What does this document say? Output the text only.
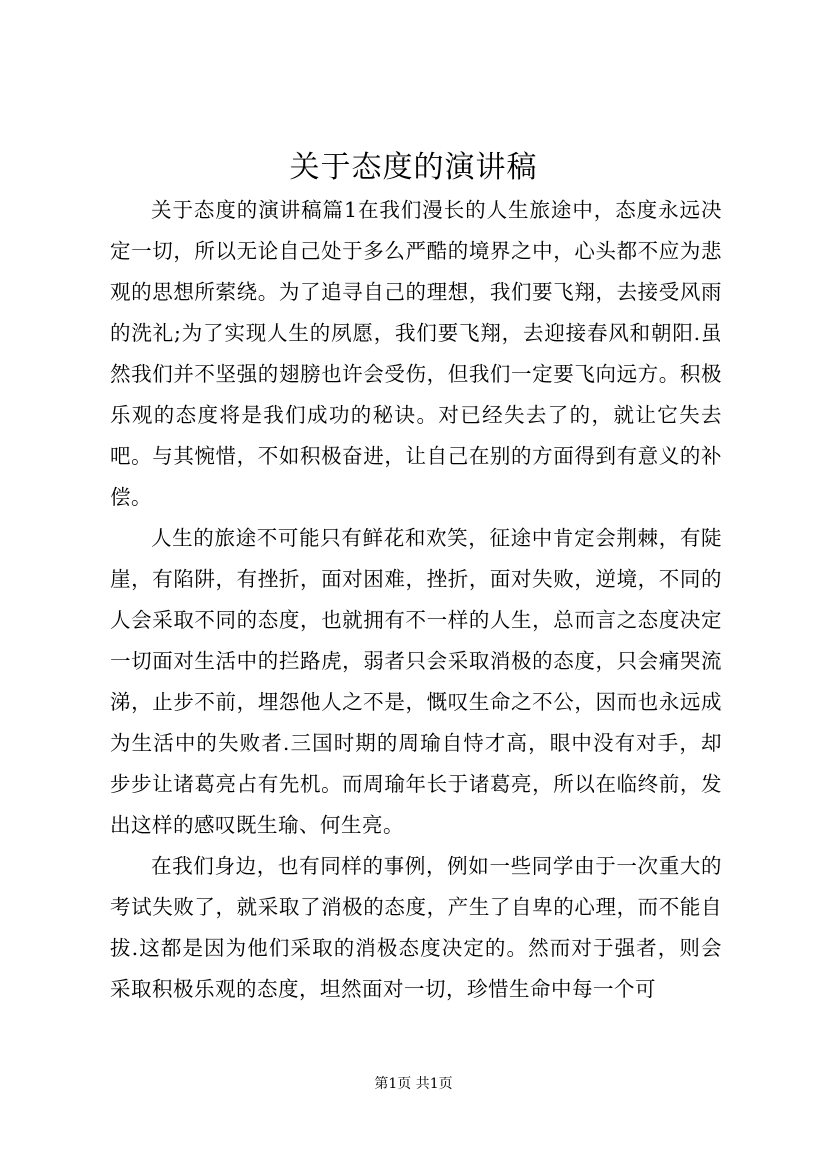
关于态度的演讲稿

关于态度的演讲稿篇1在我们漫长的人生旅途中，态度永远决定一切，所以无论自己处于多么严酷的境界之中，心头都不应为悲观的思想所萦绕。为了追寻自己的理想，我们要飞翔，去接受风雨的洗礼;为了实现人生的夙愿，我们要飞翔，去迎接春风和朝阳.虽然我们并不坚强的翅膀也许会受伤，但我们一定要飞向远方。积极乐观的态度将是我们成功的秘诀。对已经失去了的，就让它失去吧。与其惋惜，不如积极奋进，让自己在别的方面得到有意义的补偿。

人生的旅途不可能只有鲜花和欢笑，征途中肯定会荆棘，有陡崖，有陷阱，有挫折，面对困难，挫折，面对失败，逆境，不同的人会采取不同的态度，也就拥有不一样的人生，总而言之态度决定一切面对生活中的拦路虎，弱者只会采取消极的态度，只会痛哭流涕，止步不前，埋怨他人之不是，慨叹生命之不公，因而也永远成为生活中的失败者.三国时期的周瑜自恃才高，眼中没有对手，却步步让诸葛亮占有先机。而周瑜年长于诸葛亮，所以在临终前，发出这样的感叹既生瑜、何生亮。

在我们身边，也有同样的事例，例如一些同学由于一次重大的考试失败了，就采取了消极的态度，产生了自卑的心理，而不能自拔.这都是因为他们采取的消极态度决定的。然而对于强者，则会采取积极乐观的态度，坦然面对一切，珍惜生命中每一个可

第1页 共1页
